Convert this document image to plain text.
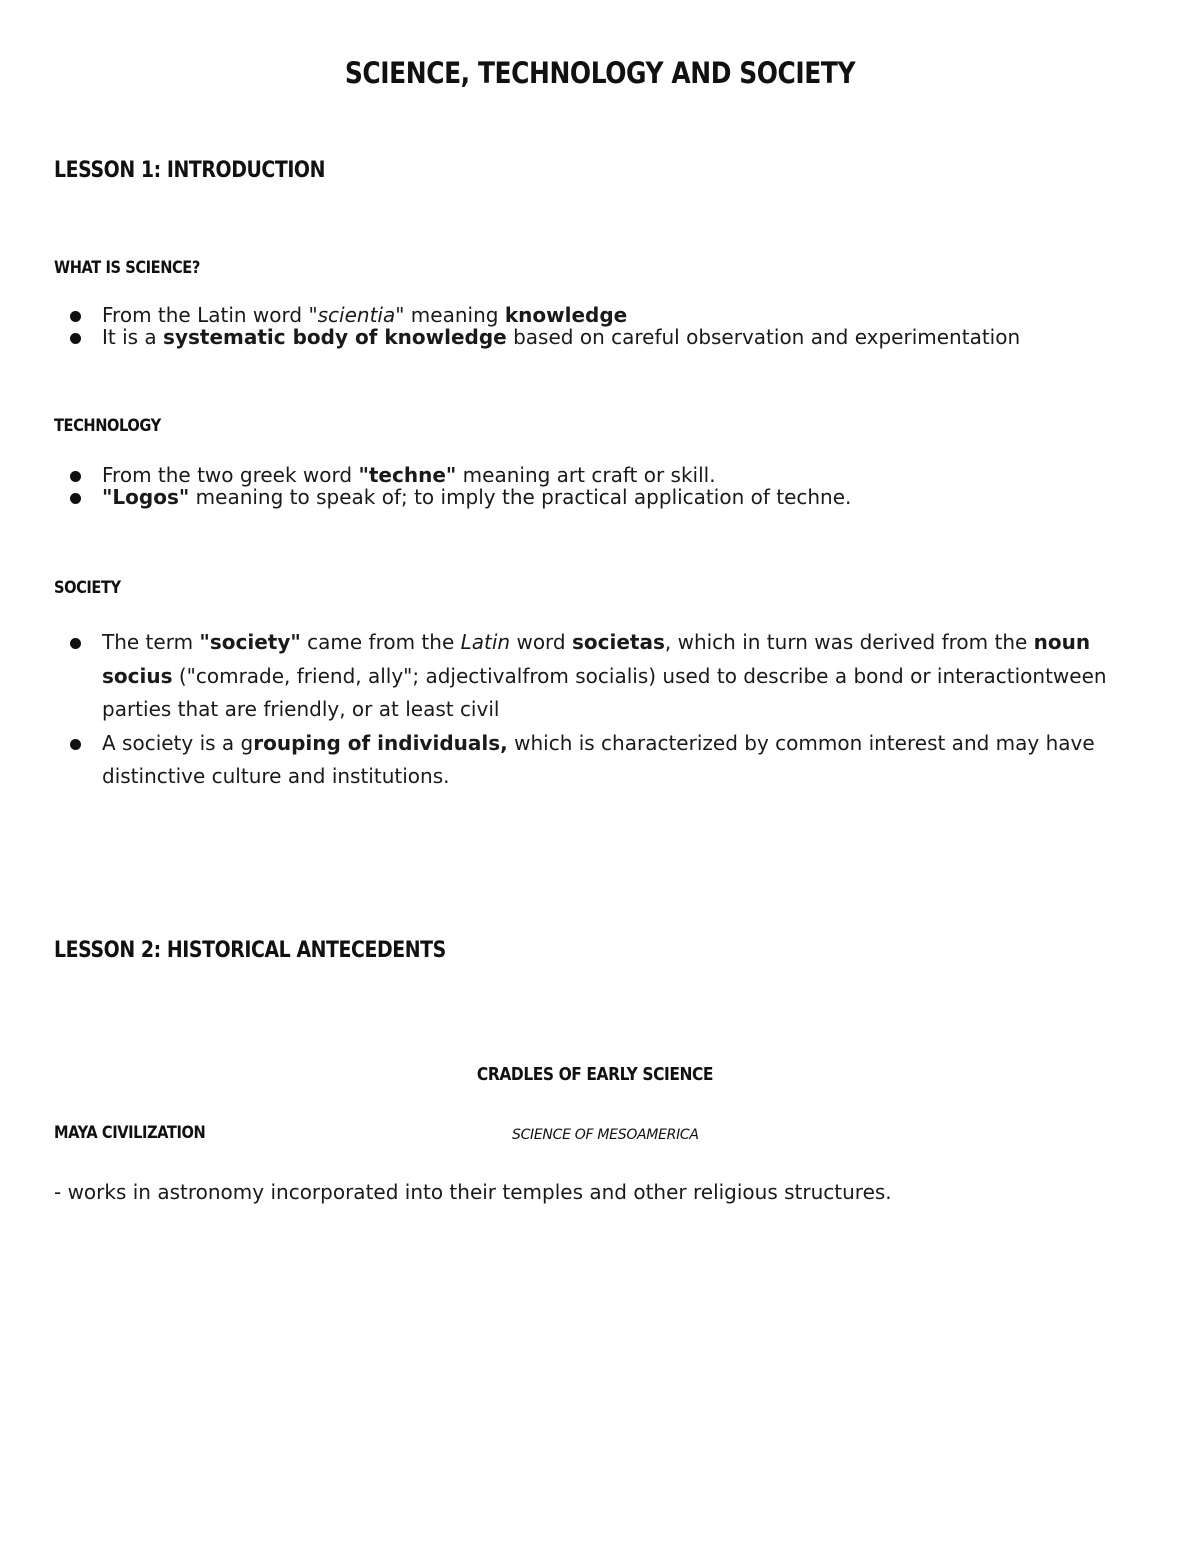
SCIENCE, TECHNOLOGY AND SOCIETY
LESSON 1: INTRODUCTION
WHAT IS SCIENCE?
From the Latin word "scientia" meaning knowledge
It is a systematic body of knowledge based on careful observation and experimentation
TECHNOLOGY
From the two greek word "techne" meaning art craft or skill.
"Logos" meaning to speak of; to imply the practical application of techne.
SOCIETY
The term "society" came from the Latin word societas, which in turn was derived from the noun socius ("comrade, friend, ally"; adjectivalfrom socialis) used to describe a bond or interactiontween parties that are friendly, or at least civil
A society is a grouping of individuals, which is characterized by common interest and may have distinctive culture and institutions.
LESSON 2: HISTORICAL ANTECEDENTS
CRADLES OF EARLY SCIENCE
MAYA CIVILIZATION	SCIENCE OF MESOAMERICA

- works in astronomy incorporated into their temples and other religious structures.
